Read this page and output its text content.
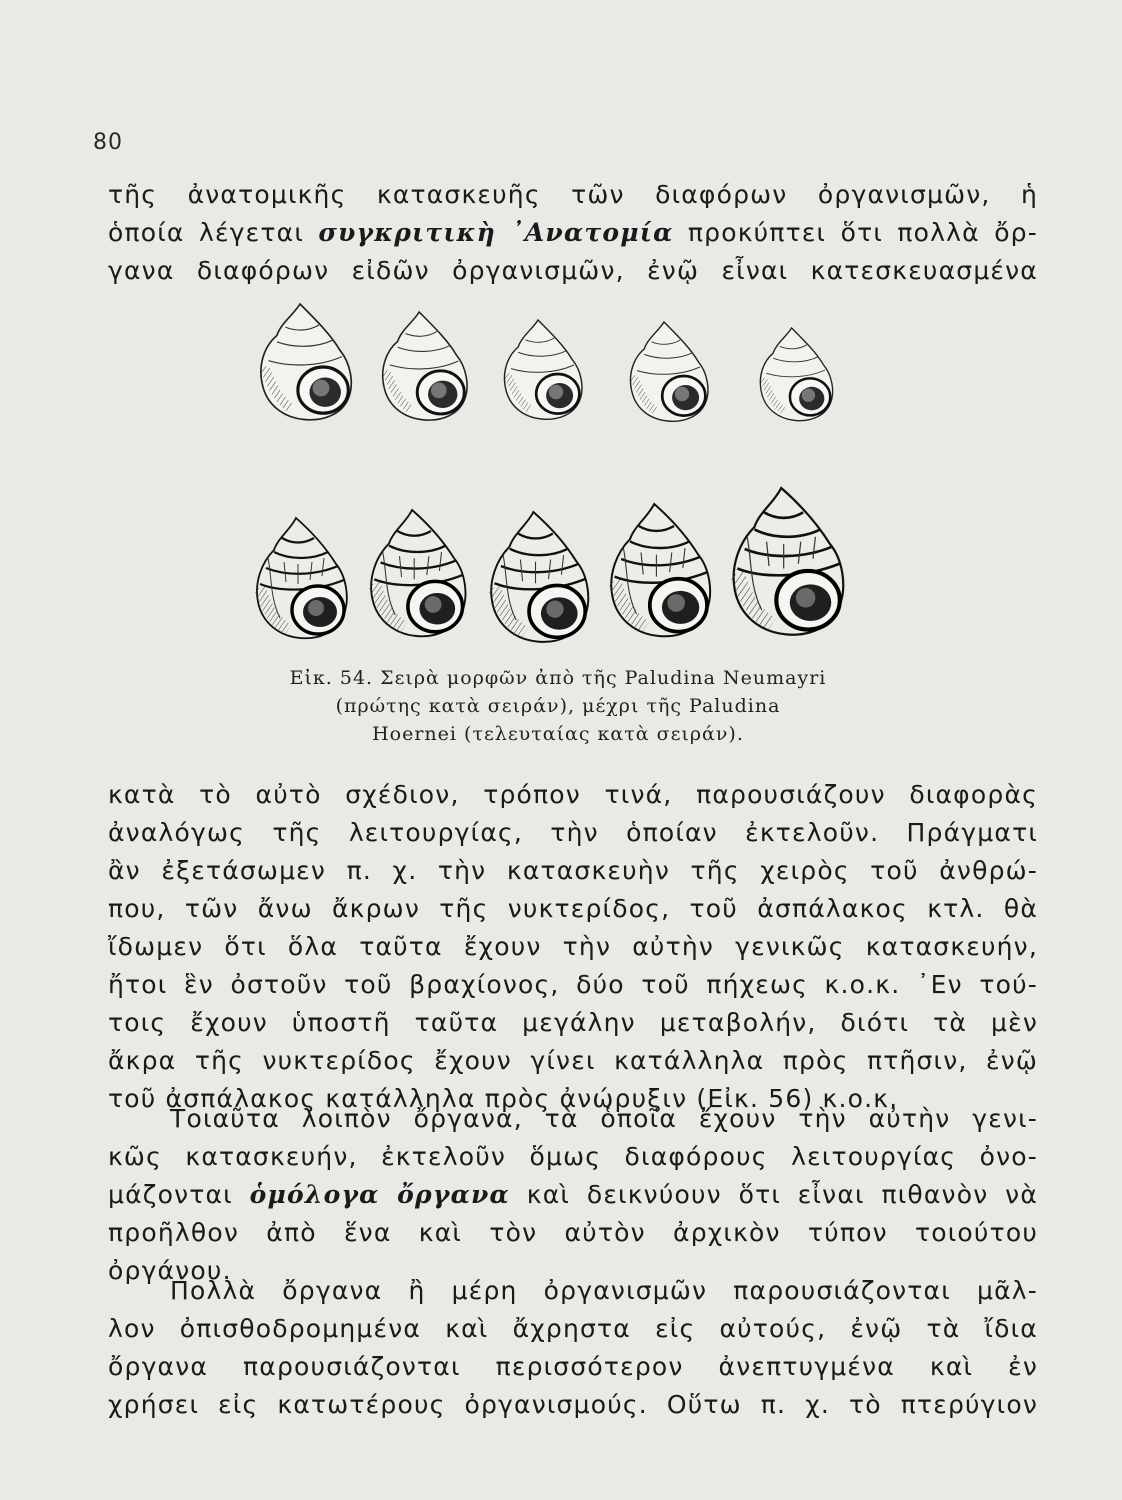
80
τῆς ἀνατομικῆς κατασκευῆς τῶν διαφόρων ὀργανισμῶν, ἡ
ὁποία λέγεται συγκριτικὴ ᾿Ανατομία προκύπτει ὅτι πολλὰ ὄρ-
γανα διαφόρων εἰδῶν ὀργανισμῶν, ἐνῷ εἶναι κατεσκευασμένα
Εἰκ. 54. Σειρὰ μορφῶν ἀπὸ τῆς Paludina Neumayri
(πρώτης κατὰ σειράν), μέχρι τῆς Paludina
Hoernei (τελευταίας κατὰ σειράν).
κατὰ τὸ αὐτὸ σχέδιον, τρόπον τινά, παρουσιάζουν διαφορὰς
ἀναλόγως τῆς λειτουργίας, τὴν ὁποίαν ἐκτελοῦν. Πράγματι
ἂν ἐξετάσωμεν π. χ. τὴν κατασκευὴν τῆς χειρὸς τοῦ ἀνθρώ-
που, τῶν ἄνω ἄκρων τῆς νυκτερίδος, τοῦ ἀσπάλακος κτλ. θὰ
ἴδωμεν ὅτι ὅλα ταῦτα ἔχουν τὴν αὐτὴν γενικῶς κατασκευήν,
ἤτοι ἓν ὀστοῦν τοῦ βραχίονος, δύο τοῦ πήχεως κ.ο.κ. ᾿Εν τού-
τοις ἔχουν ὑποστῆ ταῦτα μεγάλην μεταβολήν, διότι τὰ μὲν
ἄκρα τῆς νυκτερίδος ἔχουν γίνει κατάλληλα πρὸς πτῆσιν, ἐνῷ
τοῦ ἀσπάλακος κατάλληλα πρὸς ἀνώρυξιν (Εἰκ. 56) κ.ο.κ.
Τοιαῦτα λοιπὸν ὄργανα, τὰ ὁποῖα ἔχουν τὴν αὐτὴν γενι-
κῶς κατασκευήν, ἐκτελοῦν ὅμως διαφόρους λειτουργίας ὀνο-
μάζονται ὁμόλογα ὄργανα καὶ δεικνύουν ὅτι εἶναι πιθανὸν νὰ
προῆλθον ἀπὸ ἕνα καὶ τὸν αὐτὸν ἀρχικὸν τύπον τοιούτου
ὀργάνου.
Πολλὰ ὄργανα ἢ μέρη ὀργανισμῶν παρουσιάζονται μᾶλ-
λον ὀπισθοδρομημένα καὶ ἄχρηστα εἰς αὐτούς, ἐνῷ τὰ ἴδια
ὄργανα παρουσιάζονται περισσότερον ἀνεπτυγμένα καὶ ἐν
χρήσει εἰς κατωτέρους ὀργανισμούς. Οὕτω π. χ. τὸ πτερύγιον
